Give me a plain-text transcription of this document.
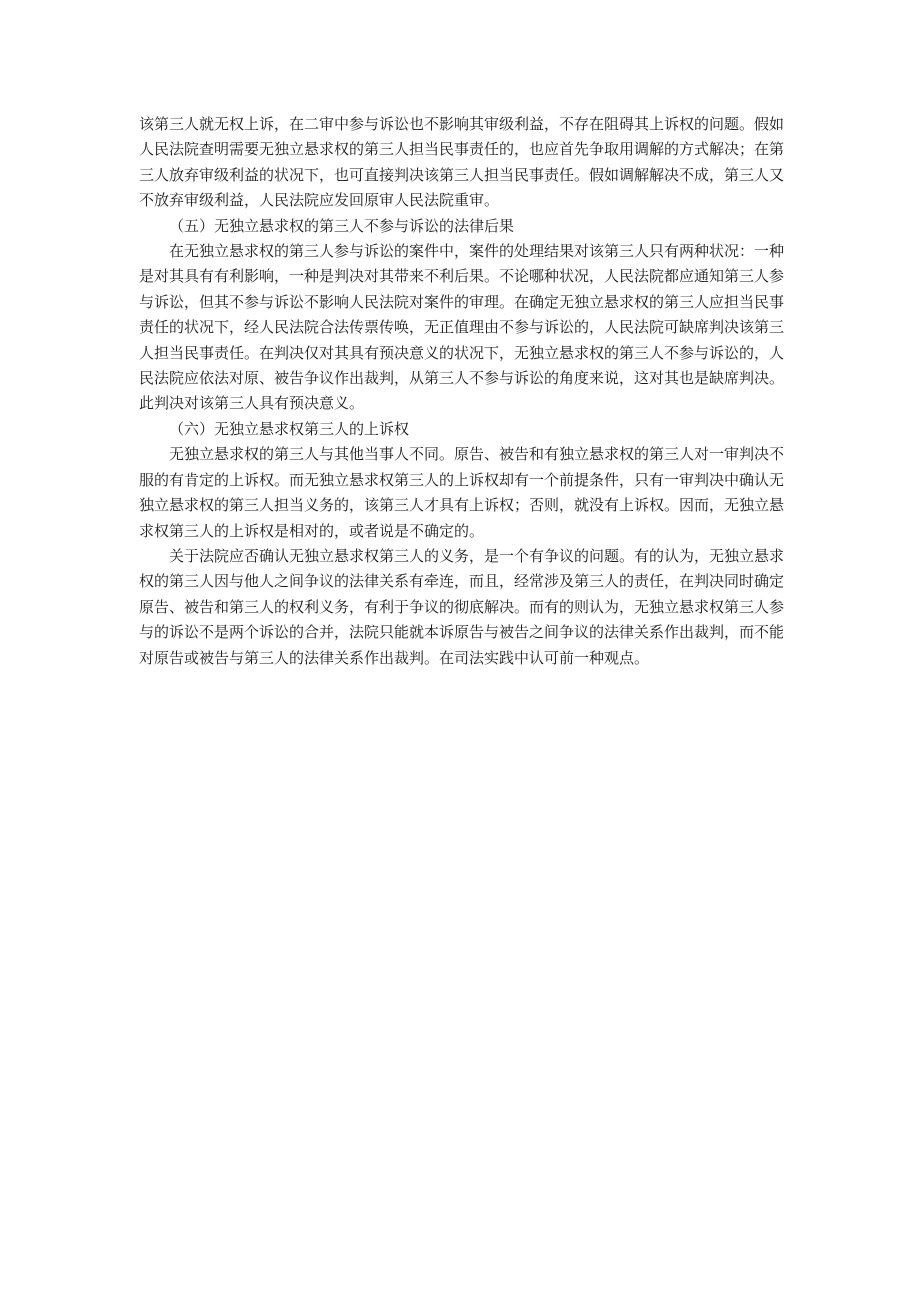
该第三人就无权上诉，在二审中参与诉讼也不影响其审级利益，不存在阻碍其上诉权的问题。假如人民法院查明需要无独立悬求权的第三人担当民事责任的，也应首先争取用调解的方式解决；在第三人放弃审级利益的状况下，也可直接判决该第三人担当民事责任。假如调解解决不成，第三人又不放弃审级利益，人民法院应发回原审人民法院重审。

（五）无独立悬求权的第三人不参与诉讼的法律后果

在无独立悬求权的第三人参与诉讼的案件中，案件的处理结果对该第三人只有两种状况：一种是对其具有有利影响，一种是判决对其带来不利后果。不论哪种状况，人民法院都应通知第三人参与诉讼，但其不参与诉讼不影响人民法院对案件的审理。在确定无独立悬求权的第三人应担当民事责任的状况下，经人民法院合法传票传唤，无正值理由不参与诉讼的，人民法院可缺席判决该第三人担当民事责任。在判决仅对其具有预决意义的状况下，无独立悬求权的第三人不参与诉讼的，人民法院应依法对原、被告争议作出裁判，从第三人不参与诉讼的角度来说，这对其也是缺席判决。此判决对该第三人具有预决意义。

（六）无独立悬求权第三人的上诉权

无独立悬求权的第三人与其他当事人不同。原告、被告和有独立悬求权的第三人对一审判决不服的有肯定的上诉权。而无独立悬求权第三人的上诉权却有一个前提条件，只有一审判决中确认无独立悬求权的第三人担当义务的，该第三人才具有上诉权；否则，就没有上诉权。因而，无独立悬求权第三人的上诉权是相对的，或者说是不确定的。

关于法院应否确认无独立悬求权第三人的义务，是一个有争议的问题。有的认为，无独立悬求权的第三人因与他人之间争议的法律关系有牵连，而且，经常涉及第三人的责任，在判决同时确定原告、被告和第三人的权利义务，有利于争议的彻底解决。而有的则认为，无独立悬求权第三人参与的诉讼不是两个诉讼的合并，法院只能就本诉原告与被告之间争议的法律关系作出裁判，而不能对原告或被告与第三人的法律关系作出裁判。在司法实践中认可前一种观点。
